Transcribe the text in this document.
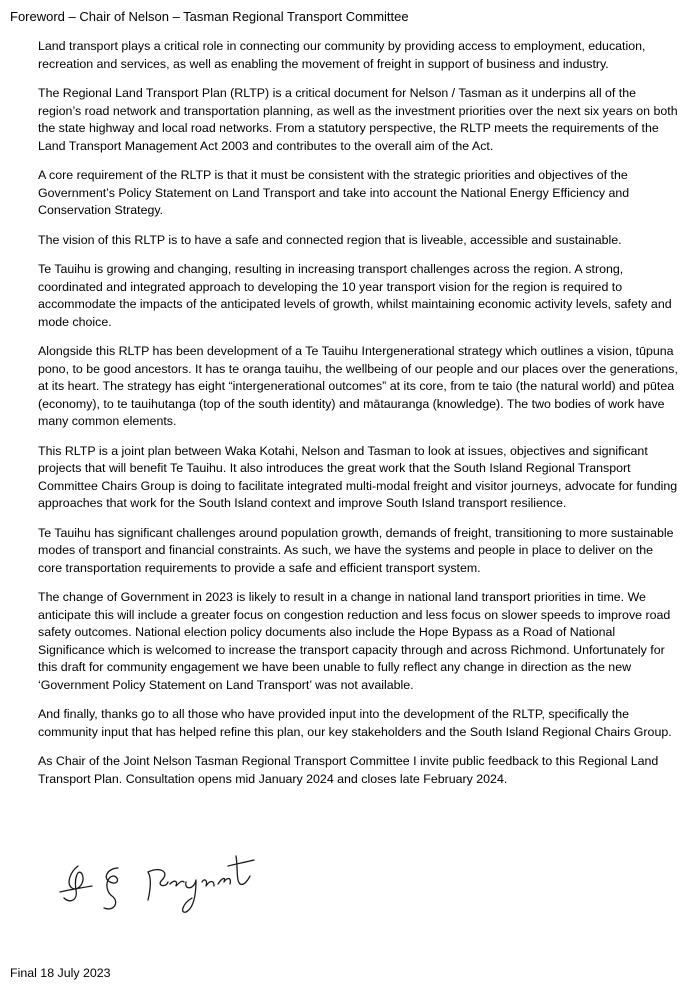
Foreword – Chair of Nelson – Tasman Regional Transport Committee

Land transport plays a critical role in connecting our community by providing access to employment, education, recreation and services, as well as enabling the movement of freight in support of business and industry.

The Regional Land Transport Plan (RLTP) is a critical document for Nelson / Tasman as it underpins all of the region’s road network and transportation planning, as well as the investment priorities over the next six years on both the state highway and local road networks. From a statutory perspective, the RLTP meets the requirements of the Land Transport Management Act 2003 and contributes to the overall aim of the Act.

A core requirement of the RLTP is that it must be consistent with the strategic priorities and objectives of the Government’s Policy Statement on Land Transport and take into account the National Energy Efficiency and Conservation Strategy.

The vision of this RLTP is to have a safe and connected region that is liveable, accessible and sustainable.

Te Tauihu is growing and changing, resulting in increasing transport challenges across the region. A strong, coordinated and integrated approach to developing the 10 year transport vision for the region is required to accommodate the impacts of the anticipated levels of growth, whilst maintaining economic activity levels, safety and mode choice.

Alongside this RLTP has been development of a Te Tauihu Intergenerational strategy which outlines a vision, tūpuna pono, to be good ancestors. It has te oranga tauihu, the wellbeing of our people and our places over the generations, at its heart. The strategy has eight “intergenerational outcomes” at its core, from te taio (the natural world) and pūtea (economy), to te tauihutanga (top of the south identity) and mātauranga (knowledge). The two bodies of work have many common elements.

This RLTP is a joint plan between Waka Kotahi, Nelson and Tasman to look at issues, objectives and significant projects that will benefit Te Tauihu. It also introduces the great work that the South Island Regional Transport Committee Chairs Group is doing to facilitate integrated multi-modal freight and visitor journeys, advocate for funding approaches that work for the South Island context and improve South Island transport resilience.

Te Tauihu has significant challenges around population growth, demands of freight, transitioning to more sustainable modes of transport and financial constraints. As such, we have the systems and people in place to deliver on the core transportation requirements to provide a safe and efficient transport system.

The change of Government in 2023 is likely to result in a change in national land transport priorities in time. We anticipate this will include a greater focus on congestion reduction and less focus on slower speeds to improve road safety outcomes. National election policy documents also include the Hope Bypass as a Road of National Significance which is welcomed to increase the transport capacity through and across Richmond. Unfortunately for this draft for community engagement we have been unable to fully reflect any change in direction as the new ‘Government Policy Statement on Land Transport’ was not available.

And finally, thanks go to all those who have provided input into the development of the RLTP, specifically the community input that has helped refine this plan, our key stakeholders and the South Island Regional Chairs Group.

As Chair of the Joint Nelson Tasman Regional Transport Committee I invite public feedback to this Regional Land Transport Plan. Consultation opens mid January 2024 and closes late February 2024.

Final 18 July 2023
